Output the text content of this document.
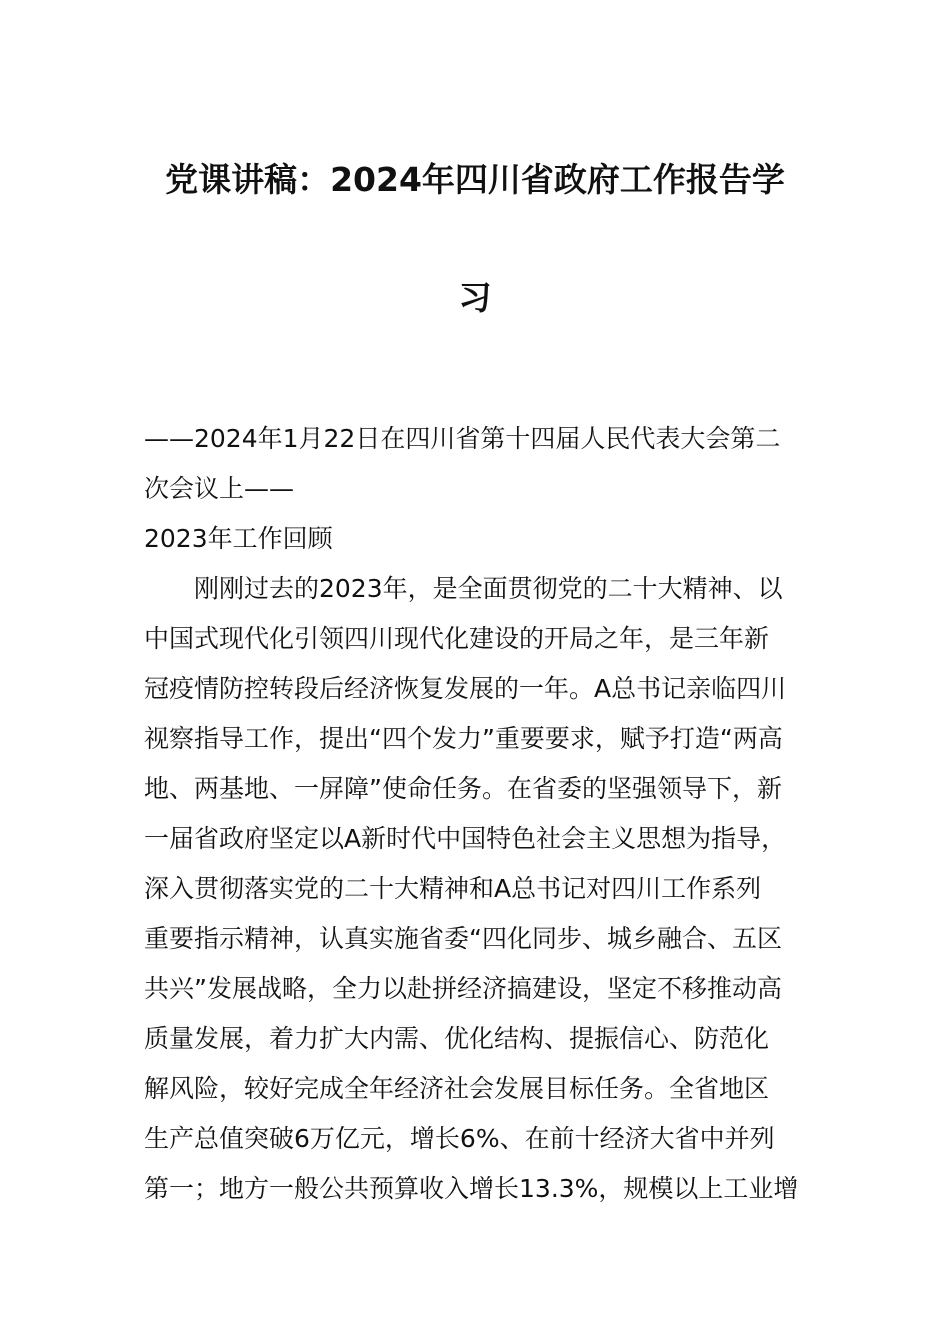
党课讲稿：2024年四川省政府工作报告学
习

——2024年1月22日在四川省第十四届人民代表大会第二

次会议上——

2023年工作回顾

刚刚过去的2023年，是全面贯彻党的二十大精神、以

中国式现代化引领四川现代化建设的开局之年，是三年新

冠疫情防控转段后经济恢复发展的一年。A总书记亲临四川

视察指导工作，提出“四个发力”重要要求，赋予打造“两高

地、两基地、一屏障”使命任务。在省委的坚强领导下，新

一届省政府坚定以A新时代中国特色社会主义思想为指导，

深入贯彻落实党的二十大精神和A总书记对四川工作系列

重要指示精神，认真实施省委“四化同步、城乡融合、五区

共兴”发展战略，全力以赴拼经济搞建设，坚定不移推动高

质量发展，着力扩大内需、优化结构、提振信心、防范化

解风险，较好完成全年经济社会发展目标任务。全省地区

生产总值突破6万亿元，增长6%、在前十经济大省中并列

第一；地方一般公共预算收入增长13.3%，规模以上工业增
